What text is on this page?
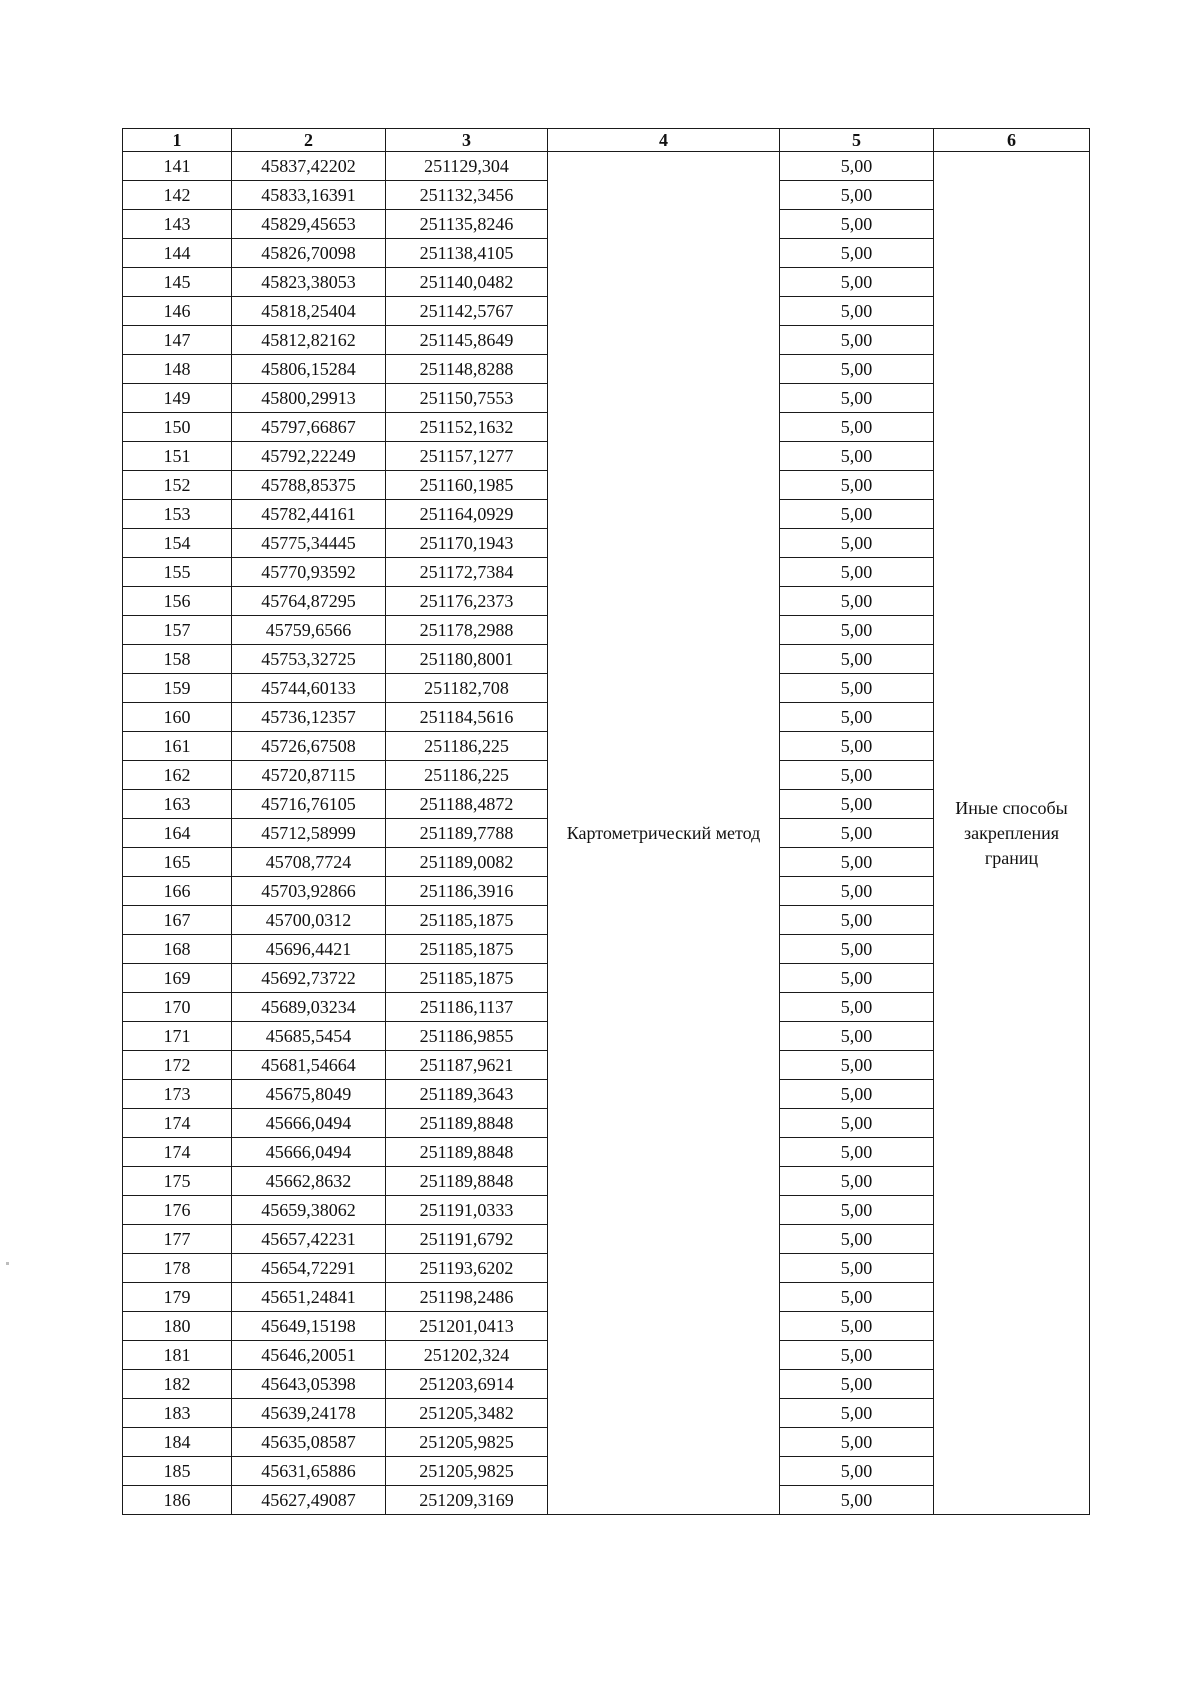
1	2	3	4	5	6
141	45837,42202	251129,304	Картометрический метод	5,00	Иные способы закрепления границ
142	45833,16391	251132,3456		5,00	
143	45829,45653	251135,8246		5,00	
144	45826,70098	251138,4105		5,00	
145	45823,38053	251140,0482		5,00	
146	45818,25404	251142,5767		5,00	
147	45812,82162	251145,8649		5,00	
148	45806,15284	251148,8288		5,00	
149	45800,29913	251150,7553		5,00	
150	45797,66867	251152,1632		5,00	
151	45792,22249	251157,1277		5,00	
152	45788,85375	251160,1985		5,00	
153	45782,44161	251164,0929		5,00	
154	45775,34445	251170,1943		5,00	
155	45770,93592	251172,7384		5,00	
156	45764,87295	251176,2373		5,00	
157	45759,6566	251178,2988		5,00	
158	45753,32725	251180,8001		5,00	
159	45744,60133	251182,708		5,00	
160	45736,12357	251184,5616		5,00	
161	45726,67508	251186,225		5,00	
162	45720,87115	251186,225		5,00	
163	45716,76105	251188,4872		5,00	
164	45712,58999	251189,7788		5,00	
165	45708,7724	251189,0082		5,00	
166	45703,92866	251186,3916		5,00	
167	45700,0312	251185,1875		5,00	
168	45696,4421	251185,1875		5,00	
169	45692,73722	251185,1875		5,00	
170	45689,03234	251186,1137		5,00	
171	45685,5454	251186,9855		5,00	
172	45681,54664	251187,9621		5,00	
173	45675,8049	251189,3643		5,00	
174	45666,0494	251189,8848		5,00	
174	45666,0494	251189,8848		5,00	
175	45662,8632	251189,8848		5,00	
176	45659,38062	251191,0333		5,00	
177	45657,42231	251191,6792		5,00	
178	45654,72291	251193,6202		5,00	
179	45651,24841	251198,2486		5,00	
180	45649,15198	251201,0413		5,00	
181	45646,20051	251202,324		5,00	
182	45643,05398	251203,6914		5,00	
183	45639,24178	251205,3482		5,00	
184	45635,08587	251205,9825		5,00	
185	45631,65886	251205,9825		5,00	
186	45627,49087	251209,3169		5,00	
